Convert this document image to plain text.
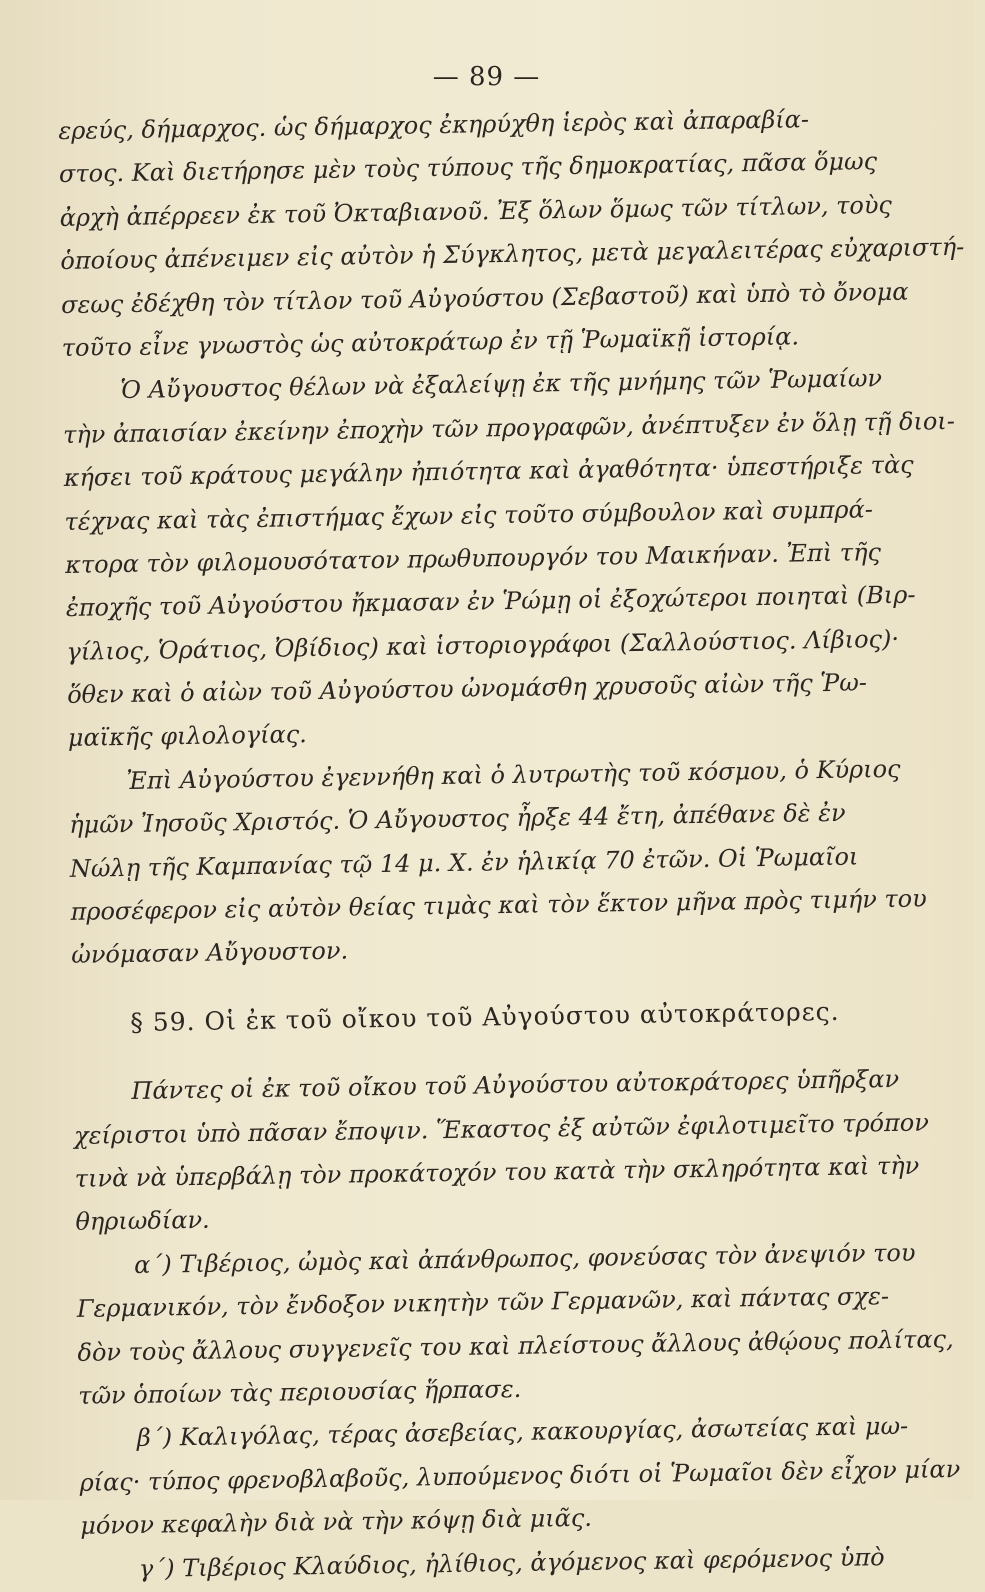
— 89 —
ερεύς, δήμαρχος. ὡς δήμαρχος ἐκηρύχθη ἱερὸς καὶ ἀπαραβία-
στος. Καὶ διετήρησε μὲν τοὺς τύπους τῆς δημοκρατίας, πᾶσα ὅμως
ἀρχὴ ἀπέρρεεν ἐκ τοῦ Ὀκταβιανοῦ. Ἐξ ὅλων ὅμως τῶν τίτλων, τοὺς
ὁποίους ἀπένειμεν εἰς αὐτὸν ἡ Σύγκλητος, μετὰ μεγαλειτέρας εὐχαριστή-
σεως ἐδέχθη τὸν τίτλον τοῦ Αὐγούστου (Σεβαστοῦ) καὶ ὑπὸ τὸ ὄνομα
τοῦτο εἶνε γνωστὸς ὡς αὐτοκράτωρ ἐν τῇ Ῥωμαϊκῇ ἱστορίᾳ.
Ὁ Αὔγουστος θέλων νὰ ἐξαλείψῃ ἐκ τῆς μνήμης τῶν Ῥωμαίων
τὴν ἀπαισίαν ἐκείνην ἐποχὴν τῶν προγραφῶν, ἀνέπτυξεν ἐν ὅλῃ τῇ διοι-
κήσει τοῦ κράτους μεγάλην ἠπιότητα καὶ ἀγαθότητα· ὑπεστήριξε τὰς
τέχνας καὶ τὰς ἐπιστήμας ἔχων εἰς τοῦτο σύμβουλον καὶ συμπρά-
κτορα τὸν φιλομουσότατον πρωθυπουργόν του Μαικήναν. Ἐπὶ τῆς
ἐποχῆς τοῦ Αὐγούστου ἤκμασαν ἐν Ῥώμῃ οἱ ἐξοχώτεροι ποιηταὶ (Βιρ-
γίλιος, Ὁράτιος, Ὀβίδιος) καὶ ἱστοριογράφοι (Σαλλούστιος. Λίβιος)·
ὅθεν καὶ ὁ αἰὼν τοῦ Αὐγούστου ὠνομάσθη χρυσοῦς αἰὼν τῆς Ῥω-
μαϊκῆς φιλολογίας.
Ἐπὶ Αὐγούστου ἐγεννήθη καὶ ὁ λυτρωτὴς τοῦ κόσμου, ὁ Κύριος
ἡμῶν Ἰησοῦς Χριστός. Ὁ Αὔγουστος ἦρξε 44 ἔτη, ἀπέθανε δὲ ἐν
Νώλῃ τῆς Καμπανίας τῷ 14 μ. Χ. ἐν ἡλικίᾳ 70 ἐτῶν. Οἱ Ῥωμαῖοι
προσέφερον εἰς αὐτὸν θείας τιμὰς καὶ τὸν ἕκτον μῆνα πρὸς τιμήν του
ὠνόμασαν Αὔγουστον.
§ 59. Οἱ ἐκ τοῦ οἴκου τοῦ Αὐγούστου αὐτοκράτορες.
Πάντες οἱ ἐκ τοῦ οἴκου τοῦ Αὐγούστου αὐτοκράτορες ὑπῆρξαν
χείριστοι ὑπὸ πᾶσαν ἔποψιν. Ἕκαστος ἐξ αὐτῶν ἐφιλοτιμεῖτο τρόπον
τινὰ νὰ ὑπερβάλῃ τὸν προκάτοχόν του κατὰ τὴν σκληρότητα καὶ τὴν
θηριωδίαν.
α΄) Τιβέριος, ὠμὸς καὶ ἀπάνθρωπος, φονεύσας τὸν ἀνεψιόν του
Γερμανικόν, τὸν ἔνδοξον νικητὴν τῶν Γερμανῶν, καὶ πάντας σχε-
δὸν τοὺς ἄλλους συγγενεῖς του καὶ πλείστους ἄλλους ἀθῴους πολίτας,
τῶν ὁποίων τὰς περιουσίας ἥρπασε.
β΄) Καλιγόλας, τέρας ἀσεβείας, κακουργίας, ἀσωτείας καὶ μω-
ρίας· τύπος φρενοβλαβοῦς, λυπούμενος διότι οἱ Ῥωμαῖοι δὲν εἶχον μίαν
μόνον κεφαλὴν διὰ νὰ τὴν κόψῃ διὰ μιᾶς.
γ΄) Τιβέριος Κλαύδιος, ἠλίθιος, ἀγόμενος καὶ φερόμενος ὑπὸ
